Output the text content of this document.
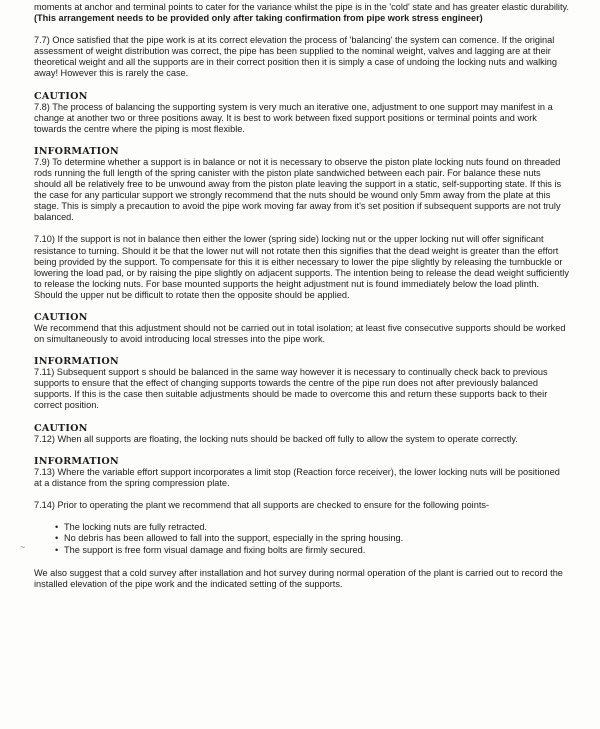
moments at anchor and terminal points to cater for the variance whilst the pipe is in the 'cold' state and has greater elastic durability. (This arrangement needs to be provided only after taking confirmation from pipe work stress engineer)

7.7) Once satisfied that the pipe work is at its correct elevation the process of 'balancing' the system can comence. If the original assessment of weight distribution was correct, the pipe has been supplied to the nominal weight, valves and lagging are at their theoretical weight and all the supports are in their correct position then it is simply a case of undoing the locking nuts and walking away! However this is rarely the case.

CAUTION

7.8) The process of balancing the supporting system is very much an iterative one, adjustment to one support may manifest in a change at another two or three positions away. It is best to work between fixed support positions or terminal points and work towards the centre where the piping is most flexible.

INFORMATION

7.9) To determine whether a support is in balance or not it is necessary to observe the piston plate locking nuts found on threaded rods running the full length of the spring canister with the piston plate sandwiched between each pair. For balance these nuts should all be relatively free to be unwound away from the piston plate leaving the support in a static, self-supporting state. If this is the case for any particular support we strongly recommend that the nuts should be wound only 5mm away from the plate at this stage. This is simply a precaution to avoid the pipe work moving far away from it's set position if subsequent supports are not truly balanced.

7.10) If the support is not in balance then either the lower (spring side) locking nut or the upper locking nut will offer significant resistance to turning. Should it be that the lower nut will not rotate then this signifies that the dead weight is greater than the effort being provided by the support. To compensate for this it is either necessary to lower the pipe slightly by releasing the turnbuckle or lowering the load pad, or by raising the pipe slightly on adjacent supports. The intention being to release the dead weight sufficiently to release the locking nuts. For base mounted supports the height adjustment nut is found immediately below the load plinth. Should the upper nut be difficult to rotate then the opposite should be applied.

CAUTION

We recommend that this adjustment should not be carried out in total isolation; at least five consecutive supports should be worked on simultaneously to avoid introducing local stresses into the pipe work.

INFORMATION

7.11) Subsequent support s should be balanced in the same way however it is necessary to continually check back to previous supports to ensure that the effect of changing supports towards the centre of the pipe run does not after previously balanced supports. If this is the case then suitable adjustments should be made to overcome this and return these supports back to their correct position.

CAUTION

7.12) When all supports are floating, the locking nuts should be backed off fully to allow the system to operate correctly.

INFORMATION

7.13) Where the variable effort support incorporates a limit stop (Reaction force receiver), the lower locking nuts will be positioned at a distance from the spring compression plate.

7.14) Prior to operating the plant we recommend that all supports are checked to ensure for the following points-

• The locking nuts are fully retracted.
• No debris has been allowed to fall into the support, especially in the spring housing.
• The support is free form visual damage and fixing bolts are firmly secured.

We also suggest that a cold survey after installation and hot survey during normal operation of the plant is carried out to record the installed elevation of the pipe work and the indicated setting of the supports.

~
